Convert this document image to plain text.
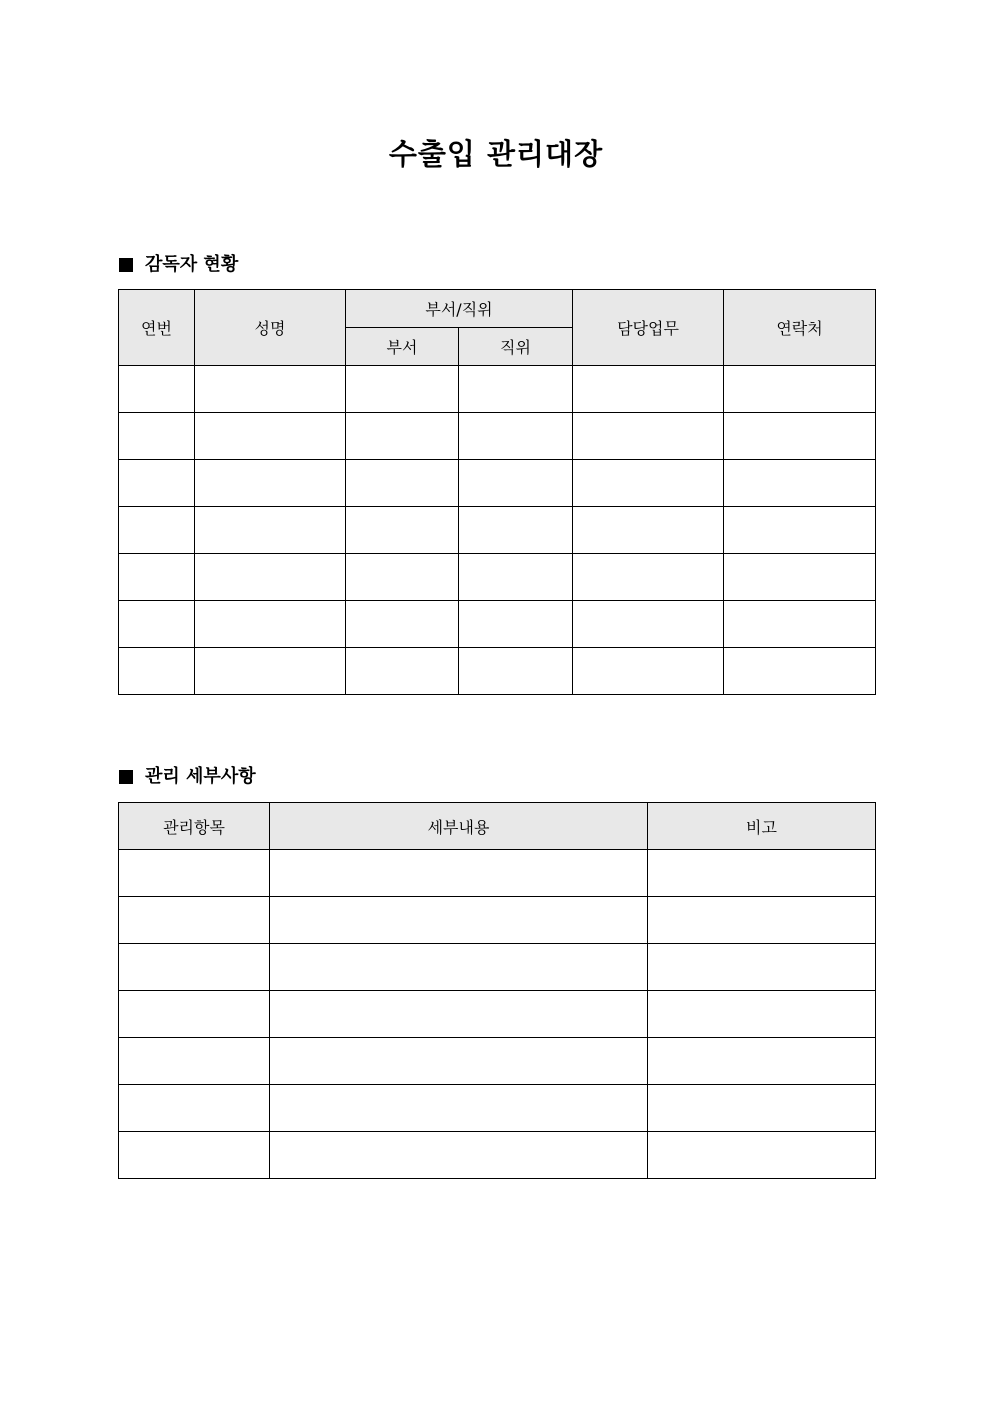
수출입 관리대장
감독자 현황
연번	성명	부서/직위		담당업무	연락처
		부서	직위		

관리 세부사항
관리항목	세부내용	비고
